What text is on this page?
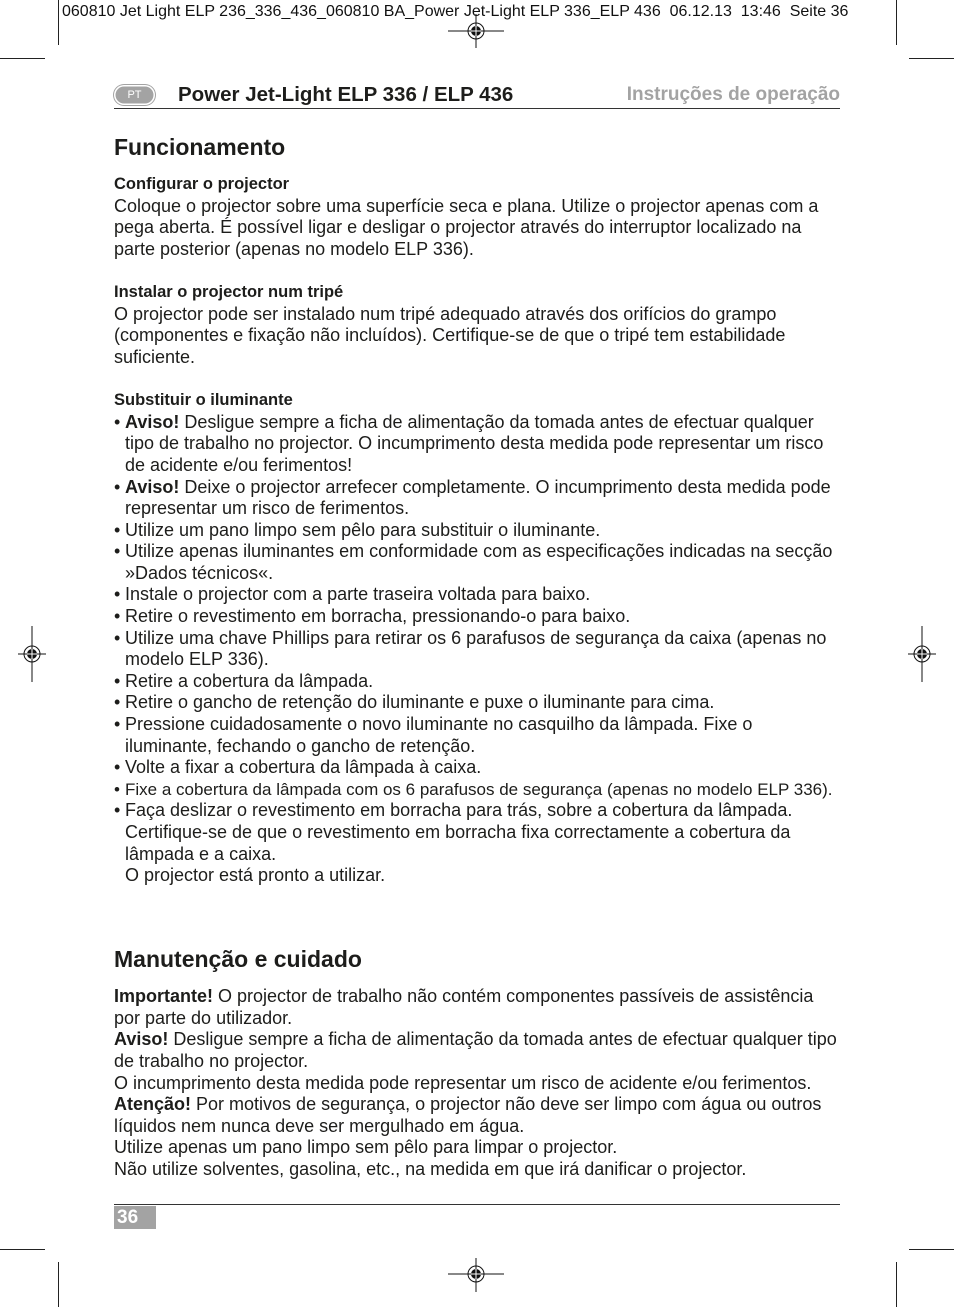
060810 Jet Light ELP 236_336_436_060810 BA_Power Jet-Light ELP 336_ELP 436  06.12.13  13:46  Seite 36
PT	Power Jet-Light ELP 336 / ELP 436	Instruções de operação
Funcionamento
Configurar o projector
Coloque o projector sobre uma superfície seca e plana. Utilize o projector apenas com a
pega aberta. É possível ligar e desligar o projector através do interruptor localizado na
parte posterior (apenas no modelo ELP 336).
Instalar o projector num tripé
O projector pode ser instalado num tripé adequado através dos orifícios do grampo
(componentes e fixação não incluídos). Certifique-se de que o tripé tem estabilidade
suficiente.
Substituir o iluminante
• Aviso! Desligue sempre a ficha de alimentação da tomada antes de efectuar qualquer
tipo de trabalho no projector. O incumprimento desta medida pode representar um risco
de acidente e/ou ferimentos!
• Aviso! Deixe o projector arrefecer completamente. O incumprimento desta medida pode
representar um risco de ferimentos.
• Utilize um pano limpo sem pêlo para substituir o iluminante.
• Utilize apenas iluminantes em conformidade com as especificações indicadas na secção
»Dados técnicos«.
• Instale o projector com a parte traseira voltada para baixo.
• Retire o revestimento em borracha, pressionando-o para baixo.
• Utilize uma chave Phillips para retirar os 6 parafusos de segurança da caixa (apenas no
modelo ELP 336).
• Retire a cobertura da lâmpada.
• Retire o gancho de retenção do iluminante e puxe o iluminante para cima.
• Pressione cuidadosamente o novo iluminante no casquilho da lâmpada. Fixe o
iluminante, fechando o gancho de retenção.
• Volte a fixar a cobertura da lâmpada à caixa.
• Fixe a cobertura da lâmpada com os 6 parafusos de segurança (apenas no modelo ELP 336).
• Faça deslizar o revestimento em borracha para trás, sobre a cobertura da lâmpada.
Certifique-se de que o revestimento em borracha fixa correctamente a cobertura da
lâmpada e a caixa.
O projector está pronto a utilizar.
Manutenção e cuidado
Importante! O projector de trabalho não contém componentes passíveis de assistência
por parte do utilizador.
Aviso! Desligue sempre a ficha de alimentação da tomada antes de efectuar qualquer tipo
de trabalho no projector.
O incumprimento desta medida pode representar um risco de acidente e/ou ferimentos.
Atenção! Por motivos de segurança, o projector não deve ser limpo com água ou outros
líquidos nem nunca deve ser mergulhado em água.
Utilize apenas um pano limpo sem pêlo para limpar o projector.
Não utilize solventes, gasolina, etc., na medida em que irá danificar o projector.
36
